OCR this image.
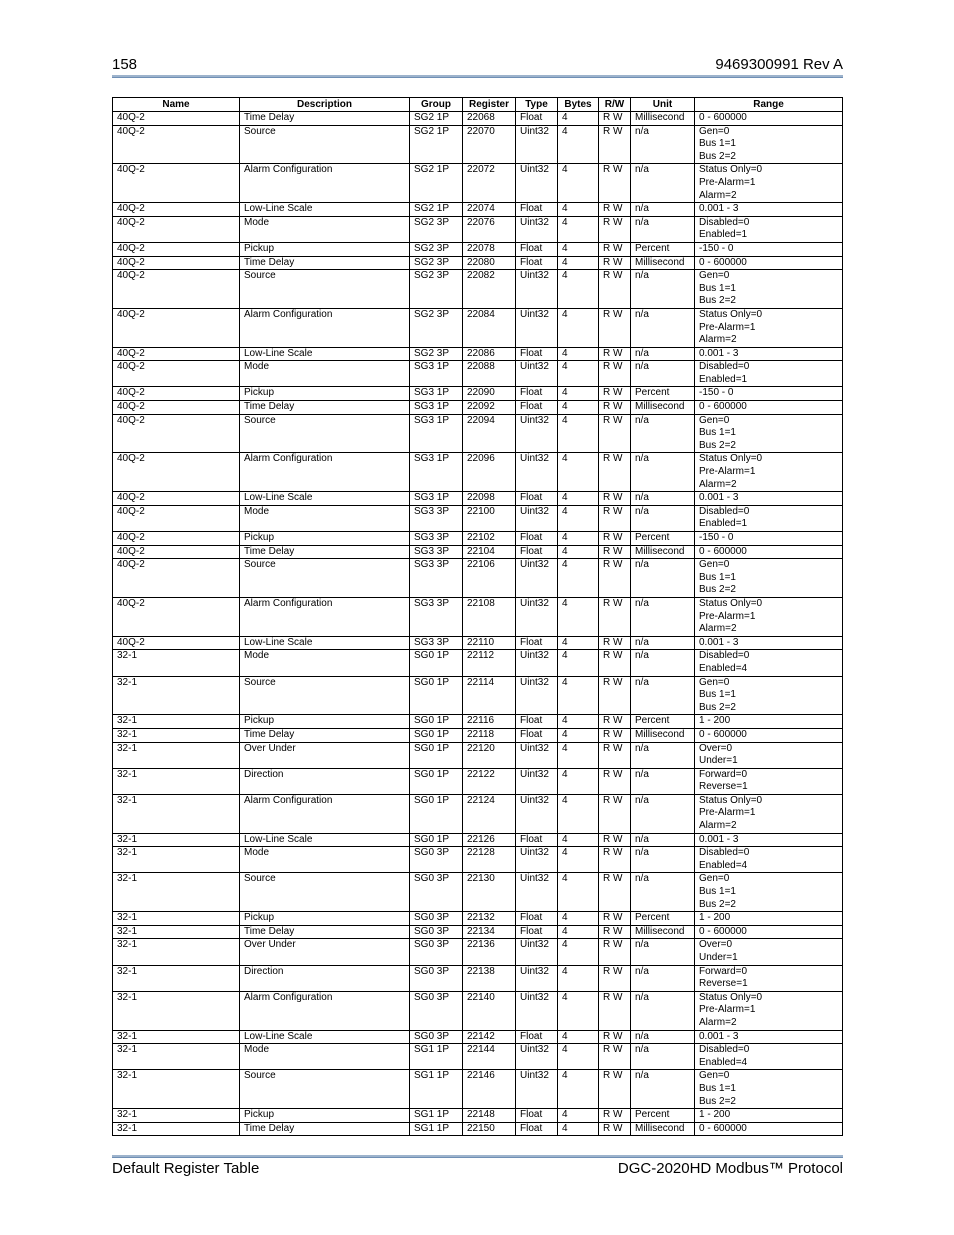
158	9469300991 Rev A
Name	Description	Group	Register	Type	Bytes	R/W	Unit	Range
40Q-2	Time Delay	SG2 1P	22068	Float	4	R W	Millisecond	0 - 600000

40Q-2	Source	SG2 1P	22070	Uint32	4	R W	n/a	Gen=0
Bus 1=1
Bus 2=2

40Q-2	Alarm Configuration	SG2 1P	22072	Uint32	4	R W	n/a	Status Only=0
Pre-Alarm=1
Alarm=2

40Q-2	Low-Line Scale	SG2 1P	22074	Float	4	R W	n/a	0.001 - 3

40Q-2	Mode	SG2 3P	22076	Uint32	4	R W	n/a	Disabled=0
Enabled=1

40Q-2	Pickup	SG2 3P	22078	Float	4	R W	Percent	-150 - 0

40Q-2	Time Delay	SG2 3P	22080	Float	4	R W	Millisecond	0 - 600000

40Q-2	Source	SG2 3P	22082	Uint32	4	R W	n/a	Gen=0
Bus 1=1
Bus 2=2

40Q-2	Alarm Configuration	SG2 3P	22084	Uint32	4	R W	n/a	Status Only=0
Pre-Alarm=1
Alarm=2

40Q-2	Low-Line Scale	SG2 3P	22086	Float	4	R W	n/a	0.001 - 3

40Q-2	Mode	SG3 1P	22088	Uint32	4	R W	n/a	Disabled=0
Enabled=1

40Q-2	Pickup	SG3 1P	22090	Float	4	R W	Percent	-150 - 0

40Q-2	Time Delay	SG3 1P	22092	Float	4	R W	Millisecond	0 - 600000

40Q-2	Source	SG3 1P	22094	Uint32	4	R W	n/a	Gen=0
Bus 1=1
Bus 2=2

40Q-2	Alarm Configuration	SG3 1P	22096	Uint32	4	R W	n/a	Status Only=0
Pre-Alarm=1
Alarm=2

40Q-2	Low-Line Scale	SG3 1P	22098	Float	4	R W	n/a	0.001 - 3

40Q-2	Mode	SG3 3P	22100	Uint32	4	R W	n/a	Disabled=0
Enabled=1

40Q-2	Pickup	SG3 3P	22102	Float	4	R W	Percent	-150 - 0

40Q-2	Time Delay	SG3 3P	22104	Float	4	R W	Millisecond	0 - 600000

40Q-2	Source	SG3 3P	22106	Uint32	4	R W	n/a	Gen=0
Bus 1=1
Bus 2=2

40Q-2	Alarm Configuration	SG3 3P	22108	Uint32	4	R W	n/a	Status Only=0
Pre-Alarm=1
Alarm=2

40Q-2	Low-Line Scale	SG3 3P	22110	Float	4	R W	n/a	0.001 - 3

32-1	Mode	SG0 1P	22112	Uint32	4	R W	n/a	Disabled=0
Enabled=4

32-1	Source	SG0 1P	22114	Uint32	4	R W	n/a	Gen=0
Bus 1=1
Bus 2=2

32-1	Pickup	SG0 1P	22116	Float	4	R W	Percent	1 - 200

32-1	Time Delay	SG0 1P	22118	Float	4	R W	Millisecond	0 - 600000

32-1	Over Under	SG0 1P	22120	Uint32	4	R W	n/a	Over=0
Under=1

32-1	Direction	SG0 1P	22122	Uint32	4	R W	n/a	Forward=0
Reverse=1

32-1	Alarm Configuration	SG0 1P	22124	Uint32	4	R W	n/a	Status Only=0
Pre-Alarm=1
Alarm=2

32-1	Low-Line Scale	SG0 1P	22126	Float	4	R W	n/a	0.001 - 3

32-1	Mode	SG0 3P	22128	Uint32	4	R W	n/a	Disabled=0
Enabled=4

32-1	Source	SG0 3P	22130	Uint32	4	R W	n/a	Gen=0
Bus 1=1
Bus 2=2

32-1	Pickup	SG0 3P	22132	Float	4	R W	Percent	1 - 200

32-1	Time Delay	SG0 3P	22134	Float	4	R W	Millisecond	0 - 600000

32-1	Over Under	SG0 3P	22136	Uint32	4	R W	n/a	Over=0
Under=1

32-1	Direction	SG0 3P	22138	Uint32	4	R W	n/a	Forward=0
Reverse=1

32-1	Alarm Configuration	SG0 3P	22140	Uint32	4	R W	n/a	Status Only=0
Pre-Alarm=1
Alarm=2

32-1	Low-Line Scale	SG0 3P	22142	Float	4	R W	n/a	0.001 - 3

32-1	Mode	SG1 1P	22144	Uint32	4	R W	n/a	Disabled=0
Enabled=4

32-1	Source	SG1 1P	22146	Uint32	4	R W	n/a	Gen=0
Bus 1=1
Bus 2=2

32-1	Pickup	SG1 1P	22148	Float	4	R W	Percent	1 - 200

32-1	Time Delay	SG1 1P	22150	Float	4	R W	Millisecond	0 - 600000
Default Register Table	DGC-2020HD Modbus™ Protocol
